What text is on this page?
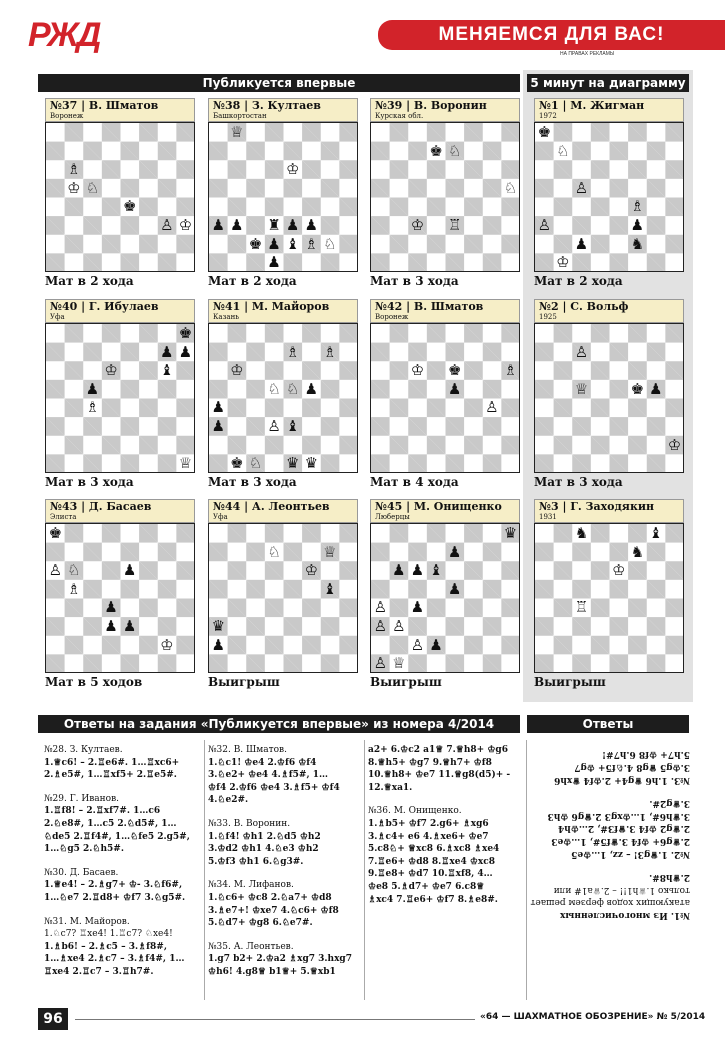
РЖД	МЕНЯЕМСЯ ДЛЯ ВАС!
НА ПРАВАХ РЕКЛАМЫ
Публикуется впервые	5 минут на диаграмму
№37 | В. Шматов
Воронеж
♗
♘
♔
♚
♙ ♔
Мат в 2 хода
№38 | З. Култаев
Башкортостан
♕
♔
♟ ♜ ♟ ♟
♟
♚ ♝ ♗ ♘
♟
♟
Мат в 2 хода
№39 | В. Воронин
Курская обл.
♚ ♘
♘
♔ ♖
Мат в 3 хода
№1 | М. Жигман
1972
♚
♘
♙
♗
♙
♟	♞
♟
♔
Мат в 2 хода
№40 | Г. Ибулаев
Уфа
♚
♟ ♟
♔	♝
♟
♗
♕
Мат в 3 хода
№41 | М. Майоров
Казань
♗ ♗
♔
♘ ♟
♘
♟
♟	♙ ♝
♛
♚ ♘	♛
Мат в 3 хода
№42 | В. Шматов
Воронеж
♔ ♚	♗
♟
♙
Мат в 4 хода
№2 | С. Вольф
1925
♙
♕	♚ ♟
♔
Мат в 3 хода
№43 | Д. Басаев
Элиста
♚
♙ ♘	♟
♗
♟
♟ ♟
♔
Мат в 5 ходов
№44 | А. Леонтьев
Уфа
♘	♕
♔
♝
♛
♟
Выигрыш
№45 | М. Онищенко
Люберцы
♛
♟ ♟ ♝
♟
♟
♙ ♟
♙ ♙
♙ ♟
♙ ♕
Выигрыш
№3 | Г. Заходякин
1931
♞	♝
♞
♔
♖
Выигрыш
Ответы на задания «Публикуется впервые» из номера 4/2014	Ответы
№28. З. Култаев.
1.♕c6! – 2.♖e6#. 1…♖xc6+
2.♗e5#, 1…♖xf5+ 2.♖e5#.
№29. Г. Иванов.
1.♖f8! – 2.♖xf7#. 1…c6
2.♘e8#, 1…c5 2.♘d5#, 1…
♘de5 2.♖f4#, 1…♘fe5 2.g5#,
1…♘g5 2.♘h5#.
№30. Д. Басаев.
1.♕e4! – 2.♗g7+ ♔- 3.♘f6#,
1…♘e7 2.♖d8+ ♔f7 3.♘g5#.
№31. М. Майоров.
1.♘c7? ♖xe4! 1.♖c7? ♘xe4!
1.♗b6! – 2.♗c5 – 3.♗f8#,
1…♗xe4 2.♗c7 – 3.♗f4#, 1…
♖xe4 2.♖c7 – 3.♖h7#.
№32. В. Шматов.
1.♘c1! ♔e4 2.♔f6 ♔f4
3.♘e2+ ♔e4 4.♗f5#, 1…
♔f4 2.♔f6 ♔e4 3.♗f5+ ♔f4
4.♘e2#.
№33. В. Воронин.
1.♘f4! ♔h1 2.♘d5 ♔h2
3.♔d2 ♔h1 4.♘e3 ♔h2
5.♔f3 ♔h1 6.♘g3#.
№34. М. Лифанов.
1.♘c6+ ♔c8 2.♘a7+ ♔d8
3.♗e7+! ♔xe7 4.♘c6+ ♔f8
5.♘d7+ ♔g8 6.♘e7#.
№35. А. Леонтьев.
1.g7 b2+ 2.♔a2 ♗xg7 3.hxg7
♔h6! 4.g8♕ b1♕+ 5.♕xb1
a2+ 6.♔c2 a1♕ 7.♕h8+ ♔g6
8.♕h5+ ♔g7 9.♕h7+ ♔f8
10.♕h8+ ♔e7 11.♕g8(d5)+ -
12.♕xa1.
№36. М. Онищенко.
1.♗b5+ ♔f7 2.g6+ ♗xg6
3.♗c4+ e6 4.♗xe6+ ♔e7
5.c8♘+ ♕xc8 6.♗xc8 ♗xe4
7.♖e6+ ♔d8 8.♖xe4 ♔xc8
9.♖e8+ ♔d7 10.♖xf8, 4…
♔e8 5.♗d7+ ♔e7 6.c8♕
♗xc4 7.♖e6+ ♔f7 8.♗e8#.
№1. Из многочисленных
атакующих ходов ферзем решает
только 1.♕h1!! – 2.♕a1# или
2.♕h8#.
№2. 1.♕g3! – zz, 1…♔e5
2.♕g6+ ♔f4 3.♕f5#, 1…♔e3
2.♕g2 ♔f4 3.♕f3#, 2…♔h4
3.♕h6#, 1…♔xg3 2.♕g6 ♔h3
3.♕g2#.
№3. 1.h6 ♕g4+ 2.♔f4 ♕xh6
3.♔g5 ♕g8 4.♘f5+ ♔g7
5.h7+ ♔f8 6.h7#!
96	«64 — ШАХМАТНОЕ ОБОЗРЕНИЕ» № 5/2014
